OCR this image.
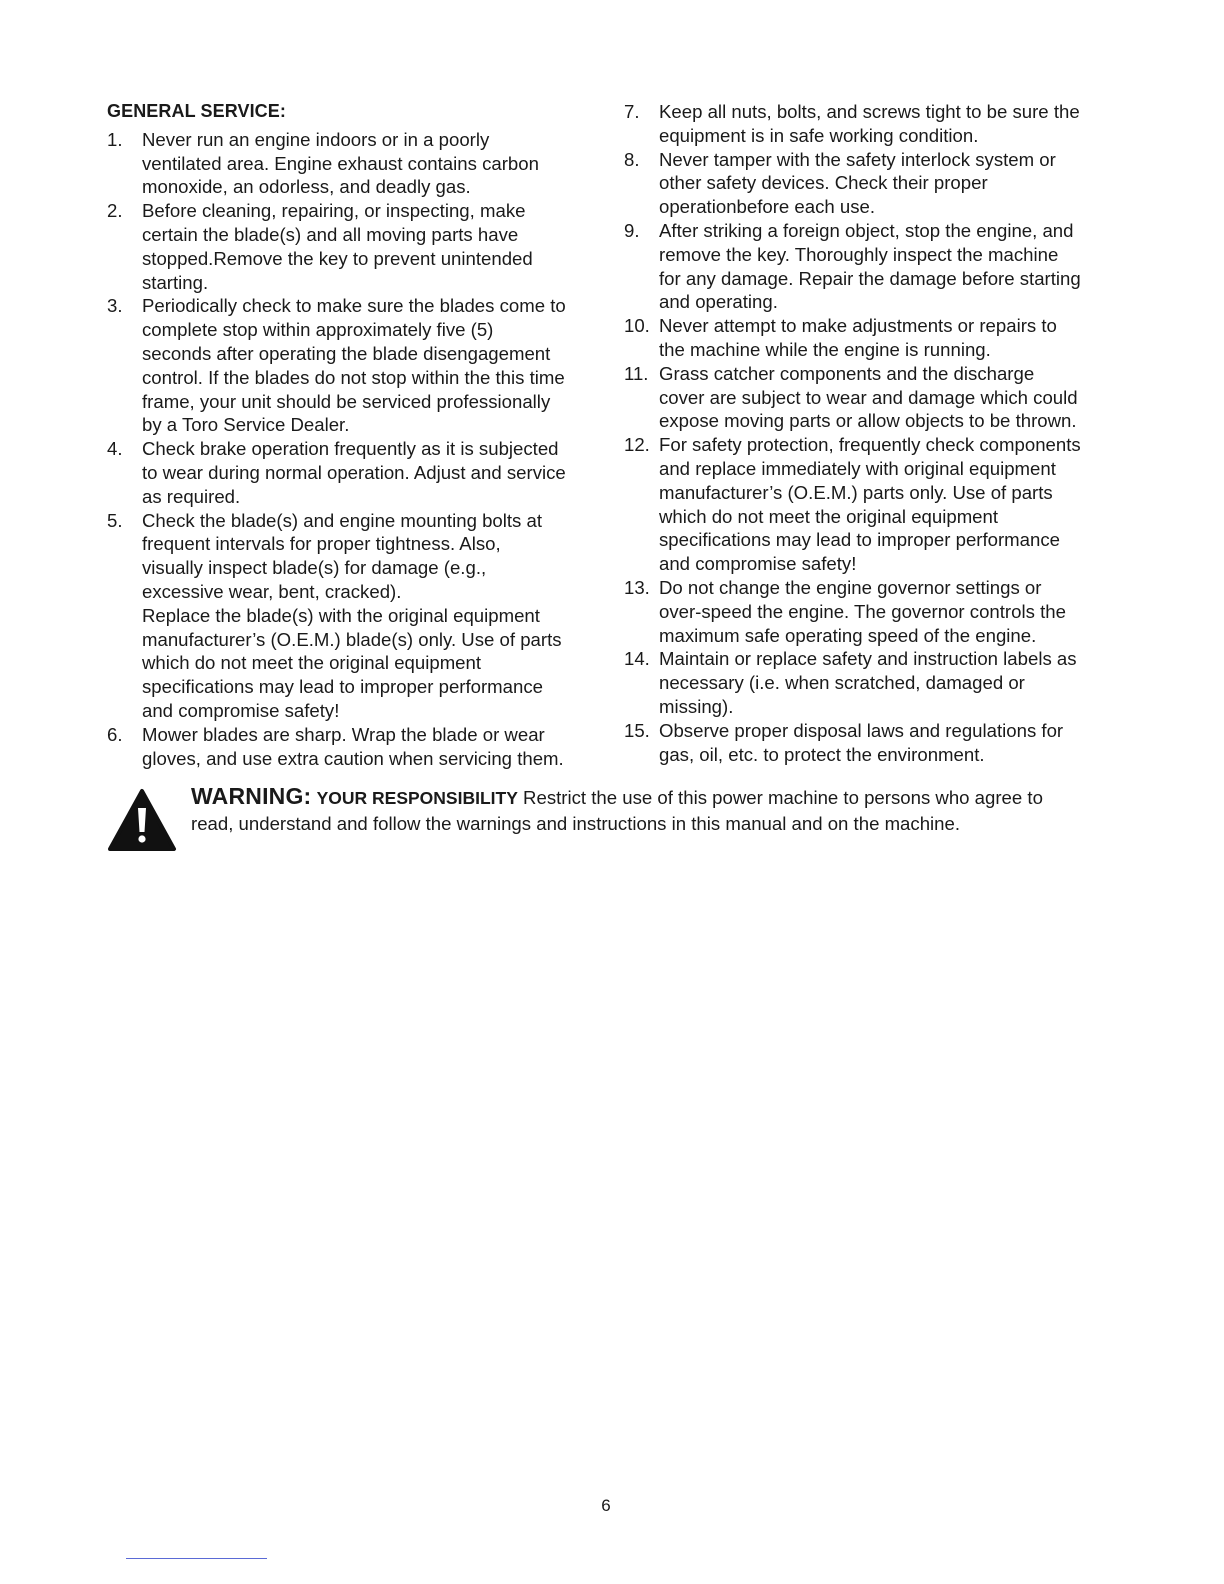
GENERAL SERVICE:

1. Never run an engine indoors or in a poorly
ventilated area. Engine exhaust contains carbon
monoxide, an odorless, and deadly gas.
2. Before cleaning, repairing, or inspecting, make
certain the blade(s) and all moving parts have
stopped.Remove the key to prevent unintended
starting.
3. Periodically check to make sure the blades come to
complete stop within approximately five (5)
seconds after operating the blade disengagement
control. If the blades do not stop within the this time
frame, your unit should be serviced professionally
by a Toro Service Dealer.
4. Check brake operation frequently as it is subjected
to wear during normal operation. Adjust and service
as required.
5. Check the blade(s) and engine mounting bolts at
frequent intervals for proper tightness. Also,
visually inspect blade(s) for damage (e.g.,
excessive wear, bent, cracked).
Replace the blade(s) with the original equipment
manufacturer’s (O.E.M.) blade(s) only. Use of parts
which do not meet the original equipment
specifications may lead to improper performance
and compromise safety!
6. Mower blades are sharp. Wrap the blade or wear
gloves, and use extra caution when servicing them.
7. Keep all nuts, bolts, and screws tight to be sure the
equipment is in safe working condition.
8. Never tamper with the safety interlock system or
other safety devices. Check their proper
operationbefore each use.
9. After striking a foreign object, stop the engine, and
remove the key. Thoroughly inspect the machine
for any damage. Repair the damage before starting
and operating.
10. Never attempt to make adjustments or repairs to
the machine while the engine is running.
11. Grass catcher components and the discharge
cover are subject to wear and damage which could
expose moving parts or allow objects to be thrown.
12. For safety protection, frequently check components
and replace immediately with original equipment
manufacturer’s (O.E.M.) parts only. Use of parts
which do not meet the original equipment
specifications may lead to improper performance
and compromise safety!
13. Do not change the engine governor settings or
over-speed the engine. The governor controls the
maximum safe operating speed of the engine.
14. Maintain or replace safety and instruction labels as
necessary (i.e. when scratched, damaged or
missing).
15. Observe proper disposal laws and regulations for
gas, oil, etc. to protect the environment.
WARNING: YOUR RESPONSIBILITY Restrict the use of this power machine to persons who agree to
read, understand and follow the warnings and instructions in this manual and on the machine.
6
